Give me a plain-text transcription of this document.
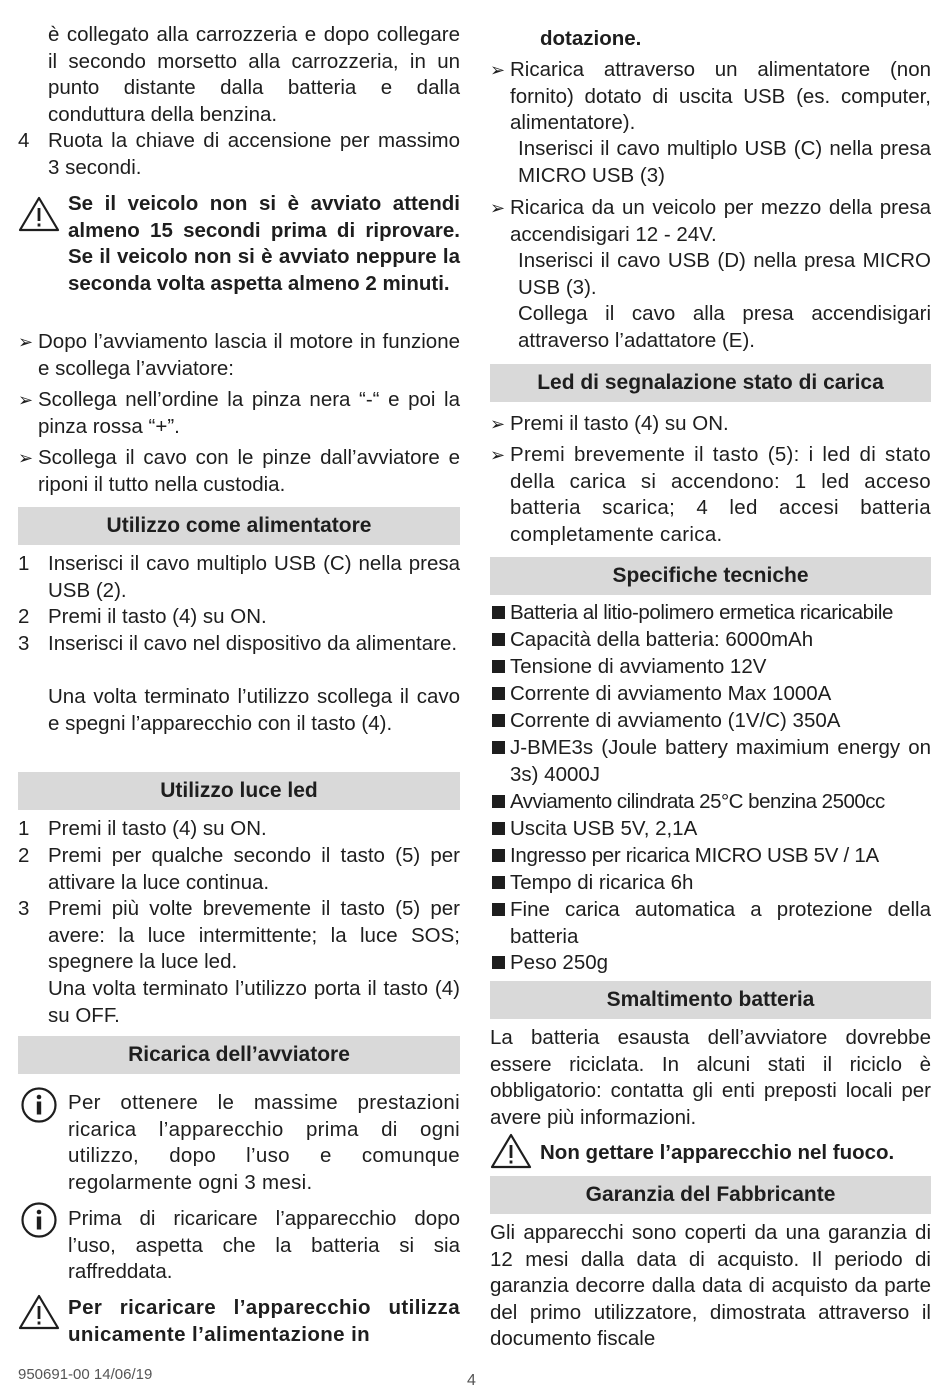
è collegato alla carrozzeria e dopo collegare il secondo morsetto alla carrozzeria, in un punto distante dalla batteria e dalla conduttura della benzina.

4 Ruota la chiave di accensione per massimo 3 secondi.

Se il veicolo non si è avviato attendi almeno 15 secondi prima di riprovare. Se il veicolo non si è avviato neppure la seconda volta aspetta almeno 2 minuti.

➢ Dopo l’avviamento lascia il motore in funzione e scollega l’avviatore:

➢ Scollega nell’ordine la pinza nera “-“ e poi la pinza rossa “+”.

➢ Scollega il cavo con le pinze dall’avviatore e riponi il tutto nella custodia.

Utilizzo come alimentatore
1 Inserisci il cavo multiplo USB (C) nella presa USB (2).

2 Premi il tasto (4) su ON.

3 Inserisci il cavo nel dispositivo da alimentare.

Una volta terminato l’utilizzo scollega il cavo e spegni l’apparecchio con il tasto (4).

Utilizzo luce led
1 Premi il tasto (4) su ON.

2 Premi per qualche secondo il tasto (5) per attivare la luce continua.

3 Premi più volte brevemente il tasto (5) per avere: la luce intermittente; la luce SOS; spegnere la luce led.

Una volta terminato l’utilizzo porta il tasto (4) su OFF.

Ricarica dell’avviatore

Per ottenere le massime prestazioni ricarica l’apparecchio prima di ogni utilizzo, dopo l’uso e comunque regolarmente ogni 3 mesi.

Prima di ricaricare l’apparecchio dopo l’uso, aspetta che la batteria si sia raffreddata.

Per ricaricare l’apparecchio utilizza unicamente l’alimentazione in

dotazione.

➢ Ricarica attraverso un alimentatore (non fornito) dotato di uscita USB (es. computer, alimentatore).

Inserisci il cavo multiplo USB (C) nella presa MICRO USB (3)

➢ Ricarica da un veicolo per mezzo della presa accendisigari 12 - 24V.

Inserisci il cavo USB (D) nella presa MICRO USB (3).

Collega il cavo alla presa accendisigari attraverso l’adattatore (E).

Led di segnalazione stato di carica
➢ Premi il tasto (4) su ON.

➢ Premi brevemente il tasto (5): i led di stato della carica si accendono: 1 led acceso batteria scarica; 4 led accesi batteria completamente carica.

Specifiche tecniche

Batteria al litio-polimero ermetica ricaricabile

Capacità della batteria: 6000mAh

Tensione di avviamento 12V

Corrente di avviamento Max 1000A

Corrente di avviamento (1V/C) 350A

J-BME3s (Joule battery maximium energy on 3s) 4000J

Avviamento cilindrata 25°C benzina 2500cc

Uscita USB 5V, 2,1A

Ingresso per ricarica MICRO USB 5V / 1A

Tempo di ricarica 6h

Fine carica automatica a protezione della batteria

Peso 250g

Smaltimento batteria

La batteria esausta dell’avviatore dovrebbe essere riciclata. In alcuni stati il riciclo è obbligatorio: contatta gli enti preposti locali per avere più informazioni.

Non gettare l’apparecchio nel fuoco.

Garanzia del Fabbricante

Gli apparecchi sono coperti da una garanzia di 12 mesi dalla data di acquisto. Il periodo di garanzia decorre dalla data di acquisto da parte del primo utilizzatore, dimostrata attraverso il documento fiscale

950691-00 14/06/19	4
